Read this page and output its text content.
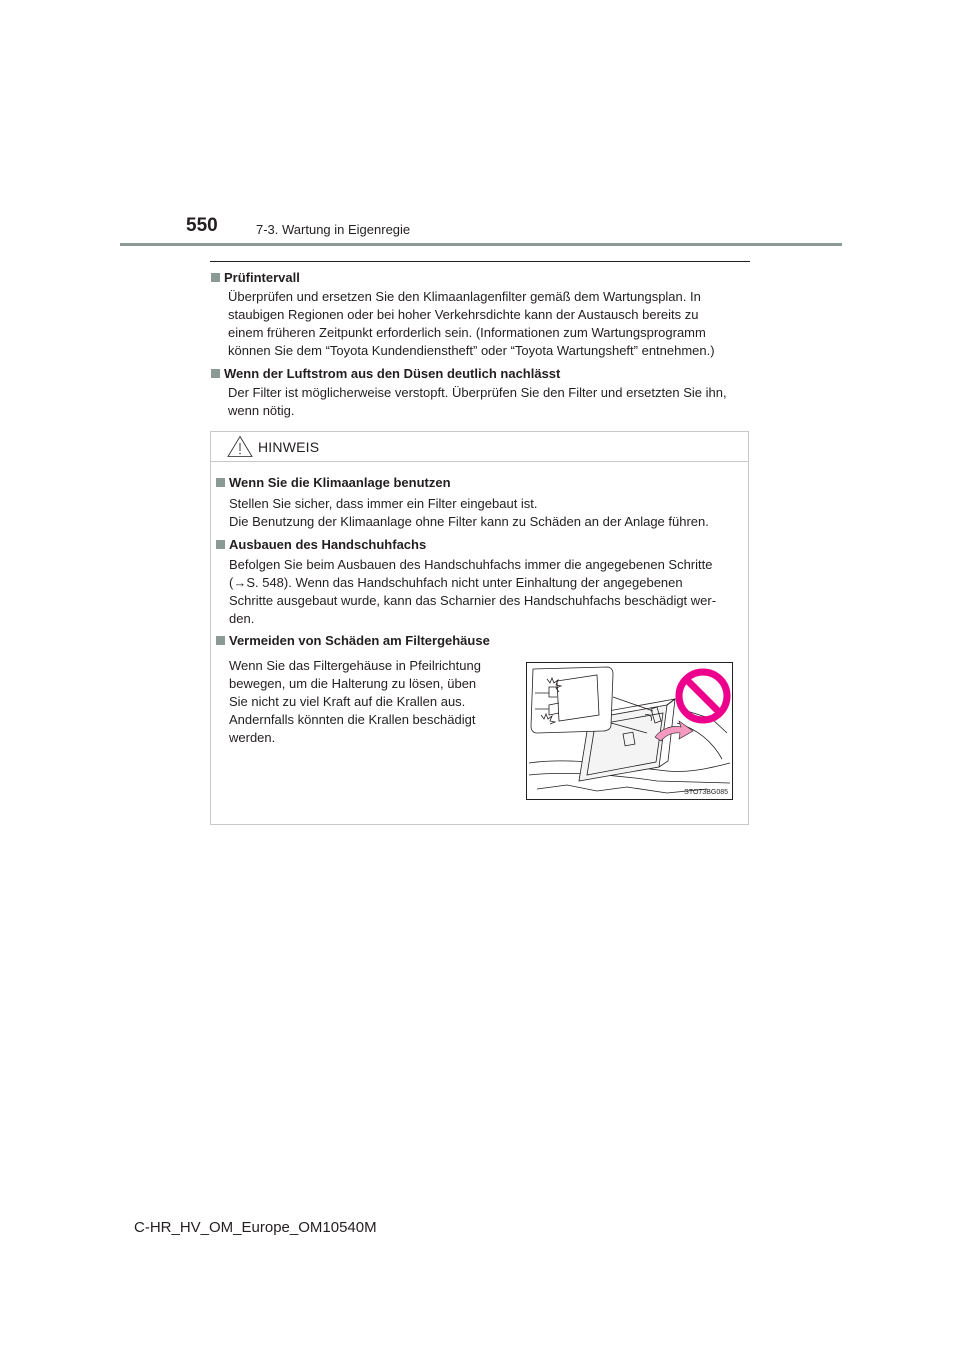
550	7-3. Wartung in Eigenregie
Prüfintervall
Überprüfen und ersetzen Sie den Klimaanlagenfilter gemäß dem Wartungsplan. In
staubigen Regionen oder bei hoher Verkehrsdichte kann der Austausch bereits zu
einem früheren Zeitpunkt erforderlich sein. (Informationen zum Wartungsprogramm
können Sie dem “Toyota Kundendienstheft” oder “Toyota Wartungsheft” entnehmen.)
Wenn der Luftstrom aus den Düsen deutlich nachlässt
Der Filter ist möglicherweise verstopft. Überprüfen Sie den Filter und ersetzten Sie ihn,
wenn nötig.
HINWEIS
Wenn Sie die Klimaanlage benutzen
Stellen Sie sicher, dass immer ein Filter eingebaut ist.
Die Benutzung der Klimaanlage ohne Filter kann zu Schäden an der Anlage führen.
Ausbauen des Handschuhfachs
Befolgen Sie beim Ausbauen des Handschuhfachs immer die angegebenen Schritte
(→S. 548). Wenn das Handschuhfach nicht unter Einhaltung der angegebenen
Schritte ausgebaut wurde, kann das Scharnier des Handschuhfachs beschädigt wer-
den.
Vermeiden von Schäden am Filtergehäuse
Wenn Sie das Filtergehäuse in Pfeilrichtung
bewegen, um die Halterung zu lösen, üben
Sie nicht zu viel Kraft auf die Krallen aus.
Andernfalls könnten die Krallen beschädigt
werden.
STO73BG085
C-HR_HV_OM_Europe_OM10540M
